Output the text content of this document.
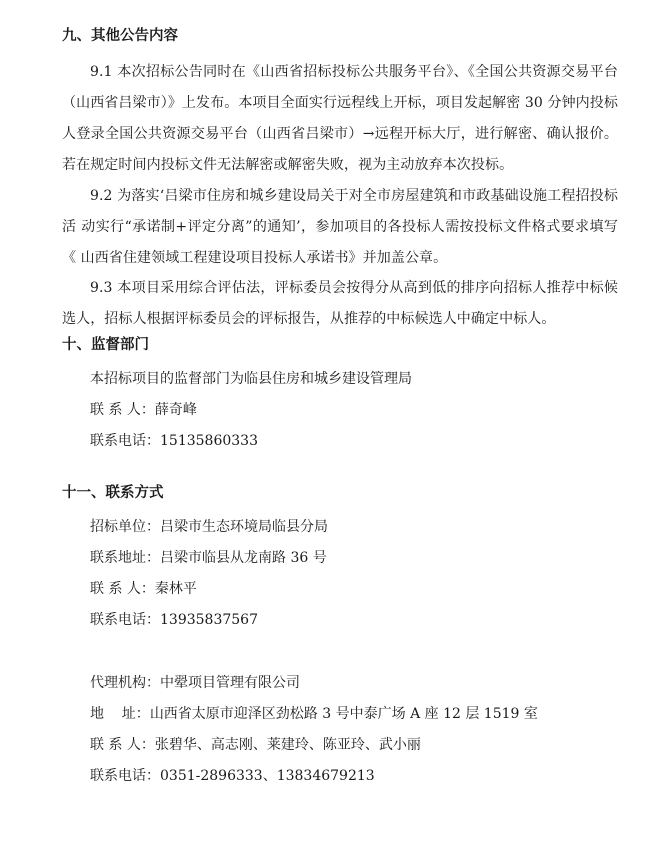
九、其他公告内容
9.1 本次招标公告同时在《山西省招标投标公共服务平台》、《全国公共资源交易平台（山西省吕梁市）》上发布。本项目全面实行远程线上开标，项目发起解密 30 分钟内投标人登录全国公共资源交易平台（山西省吕梁市）→远程开标大厅，进行解密、确认报价。若在规定时间内投标文件无法解密或解密失败，视为主动放弃本次投标。
9.2 为落实‘吕梁市住房和城乡建设局关于对全市房屋建筑和市政基础设施工程招投标活 动实行“承诺制+评定分离”的通知’，参加项目的各投标人需按投标文件格式要求填写《 山西省住建领域工程建设项目投标人承诺书》并加盖公章。
9.3 本项目采用综合评估法，评标委员会按得分从高到低的排序向招标人推荐中标候选人，招标人根据评标委员会的评标报告，从推荐的中标候选人中确定中标人。
十、监督部门
本招标项目的监督部门为临县住房和城乡建设管理局
联 系 人：薛奇峰
联系电话：15135860333
十一、联系方式
招标单位：吕梁市生态环境局临县分局
联系地址：吕梁市临县从龙南路 36 号
联 系 人：秦林平
联系电话：13935837567
代理机构：中翚项目管理有限公司
地    址：山西省太原市迎泽区劲松路 3 号中泰广场 A 座 12 层 1519 室
联 系 人：张碧华、高志刚、莱建玲、陈亚玲、武小丽
联系电话：0351-2896333、13834679213
